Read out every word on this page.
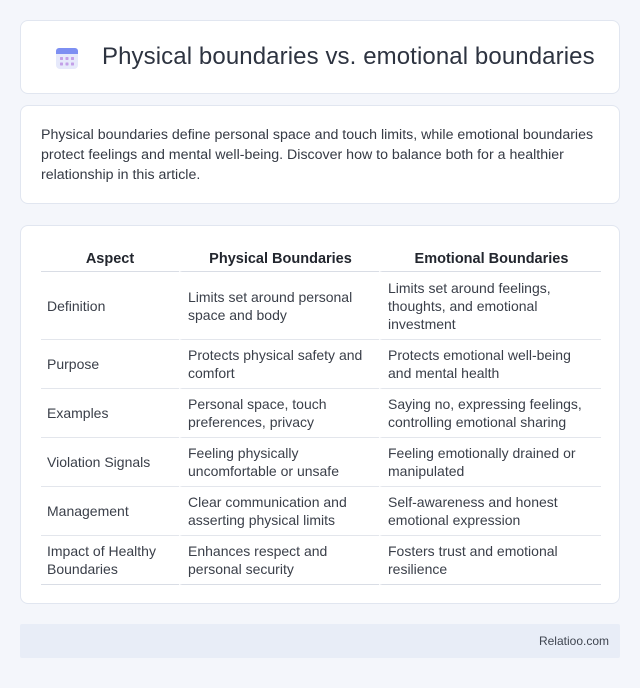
Physical boundaries vs. emotional boundaries

Physical boundaries define personal space and touch limits, while emotional boundaries protect feelings and mental well-being. Discover how to balance both for a healthier relationship in this article.

Aspect	Physical Boundaries	Emotional Boundaries
Definition	Limits set around personal space and body	Limits set around feelings, thoughts, and emotional investment
Purpose	Protects physical safety and comfort	Protects emotional well-being and mental health
Examples	Personal space, touch preferences, privacy	Saying no, expressing feelings, controlling emotional sharing
Violation Signals	Feeling physically uncomfortable or unsafe	Feeling emotionally drained or manipulated
Management	Clear communication and asserting physical limits	Self-awareness and honest emotional expression
Impact of Healthy Boundaries	Enhances respect and personal security	Fosters trust and emotional resilience
Relatioo.com
